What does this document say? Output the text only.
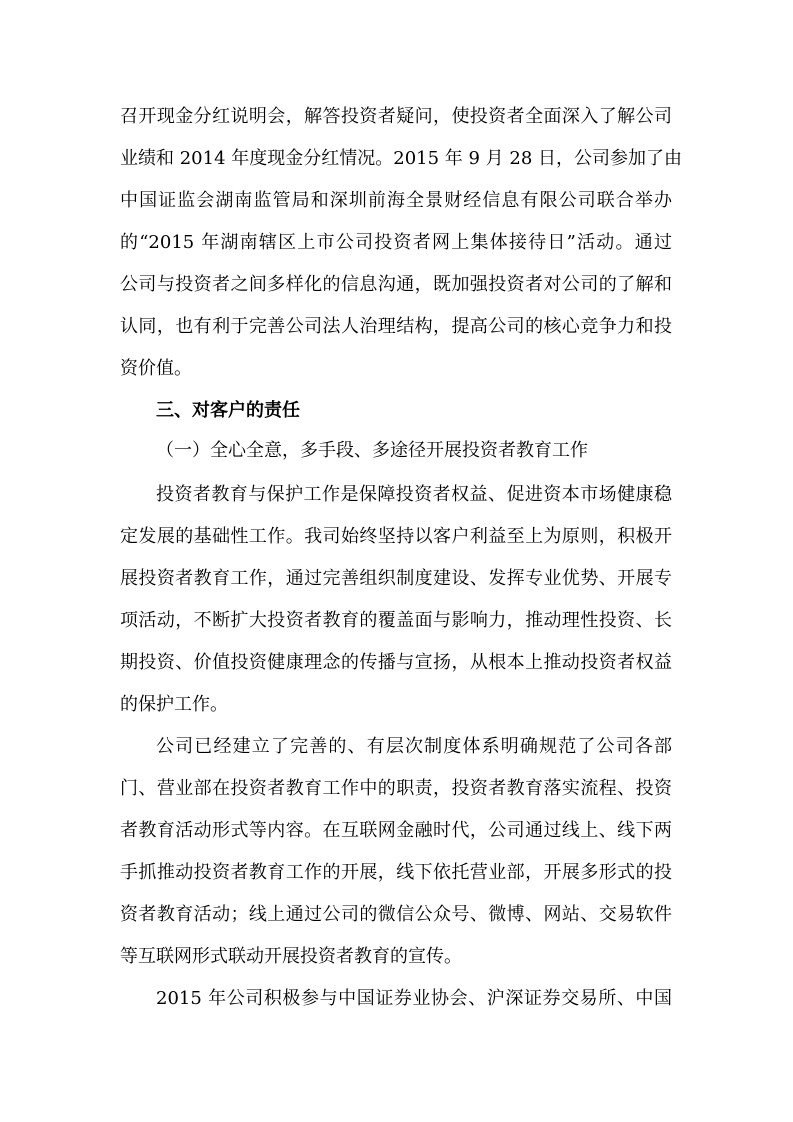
召开现金分红说明会，解答投资者疑问，使投资者全面深入了解公司
业绩和 2014 年度现金分红情况。2015 年 9 月 28 日，公司参加了由
中国证监会湖南监管局和深圳前海全景财经信息有限公司联合举办
的“2015 年湖南辖区上市公司投资者网上集体接待日”活动。通过
公司与投资者之间多样化的信息沟通，既加强投资者对公司的了解和
认同，也有利于完善公司法人治理结构，提高公司的核心竞争力和投
资价值。
三、对客户的责任
（一）全心全意，多手段、多途径开展投资者教育工作
投资者教育与保护工作是保障投资者权益、促进资本市场健康稳
定发展的基础性工作。我司始终坚持以客户利益至上为原则，积极开
展投资者教育工作，通过完善组织制度建设、发挥专业优势、开展专
项活动，不断扩大投资者教育的覆盖面与影响力，推动理性投资、长
期投资、价值投资健康理念的传播与宣扬，从根本上推动投资者权益
的保护工作。
公司已经建立了完善的、有层次制度体系明确规范了公司各部
门、营业部在投资者教育工作中的职责，投资者教育落实流程、投资
者教育活动形式等内容。在互联网金融时代，公司通过线上、线下两
手抓推动投资者教育工作的开展，线下依托营业部，开展多形式的投
资者教育活动；线上通过公司的微信公众号、微博、网站、交易软件
等互联网形式联动开展投资者教育的宣传。
2015 年公司积极参与中国证券业协会、沪深证券交易所、中国
